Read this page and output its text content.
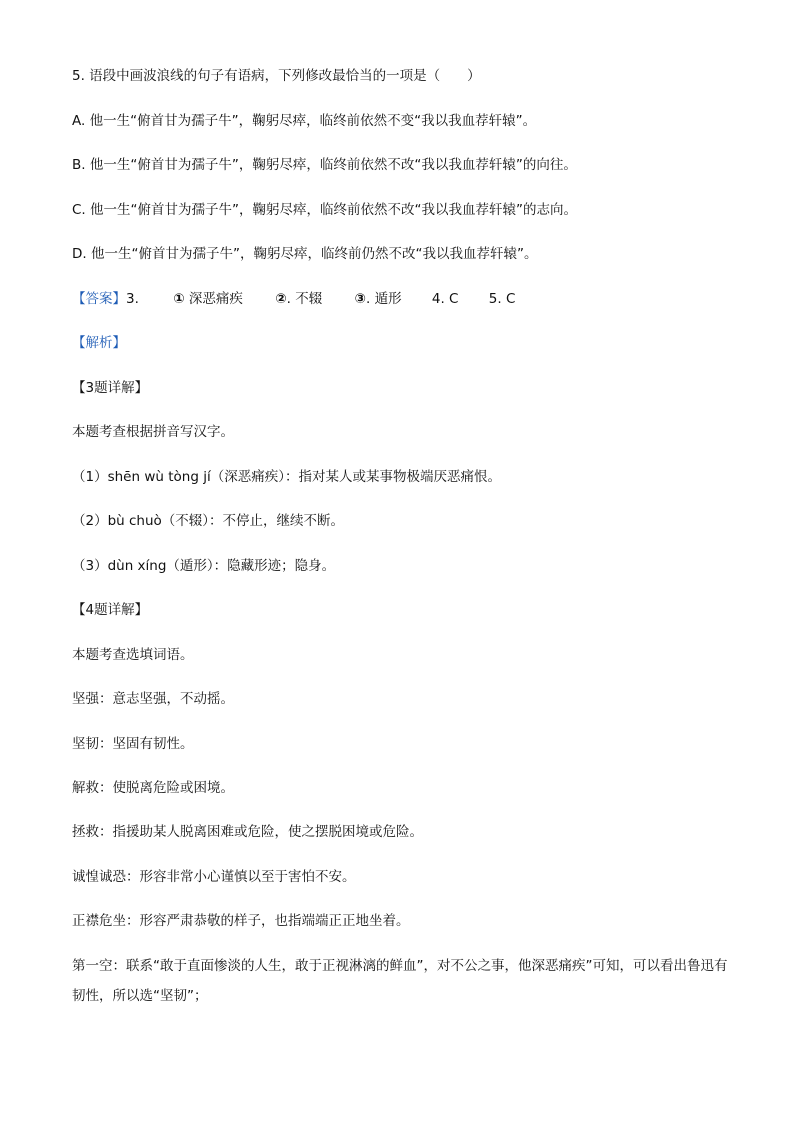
5. 语段中画波浪线的句子有语病，下列修改最恰当的一项是（　　）
A. 他一生“俯首甘为孺子牛”，鞠躬尽瘁，临终前依然不变“我以我血荐轩辕”。
B. 他一生“俯首甘为孺子牛”，鞠躬尽瘁，临终前依然不改“我以我血荐轩辕”的向往。
C. 他一生“俯首甘为孺子牛”，鞠躬尽瘁，临终前依然不改“我以我血荐轩辕”的志向。
D. 他一生“俯首甘为孺子牛”，鞠躬尽瘁，临终前仍然不改“我以我血荐轩辕”。
【答案】3.	① 深恶痛疾 ②. 不辍 ③. 遁形 4. C 5. C
【解析】
【3题详解】
本题考查根据拼音写汉字。
（1）shēn wù tòng jí（深恶痛疾）：指对某人或某事物极端厌恶痛恨。
（2）bù chuò（不辍）：不停止，继续不断。
（3）dùn xíng（遁形）：隐藏形迹；隐身。
【4题详解】
本题考查选填词语。
坚强：意志坚强，不动摇。
坚韧：坚固有韧性。
解救：使脱离危险或困境。
拯救：指援助某人脱离困难或危险，使之摆脱困境或危险。
诚惶诚恐：形容非常小心谨慎以至于害怕不安。
正襟危坐：形容严肃恭敬的样子，也指端端正正地坐着。
第一空：联系“敢于直面惨淡的人生，敢于正视淋漓的鲜血”，对不公之事，他深恶痛疾”可知，可以看出鲁迅有韧性，所以选“坚韧”；
